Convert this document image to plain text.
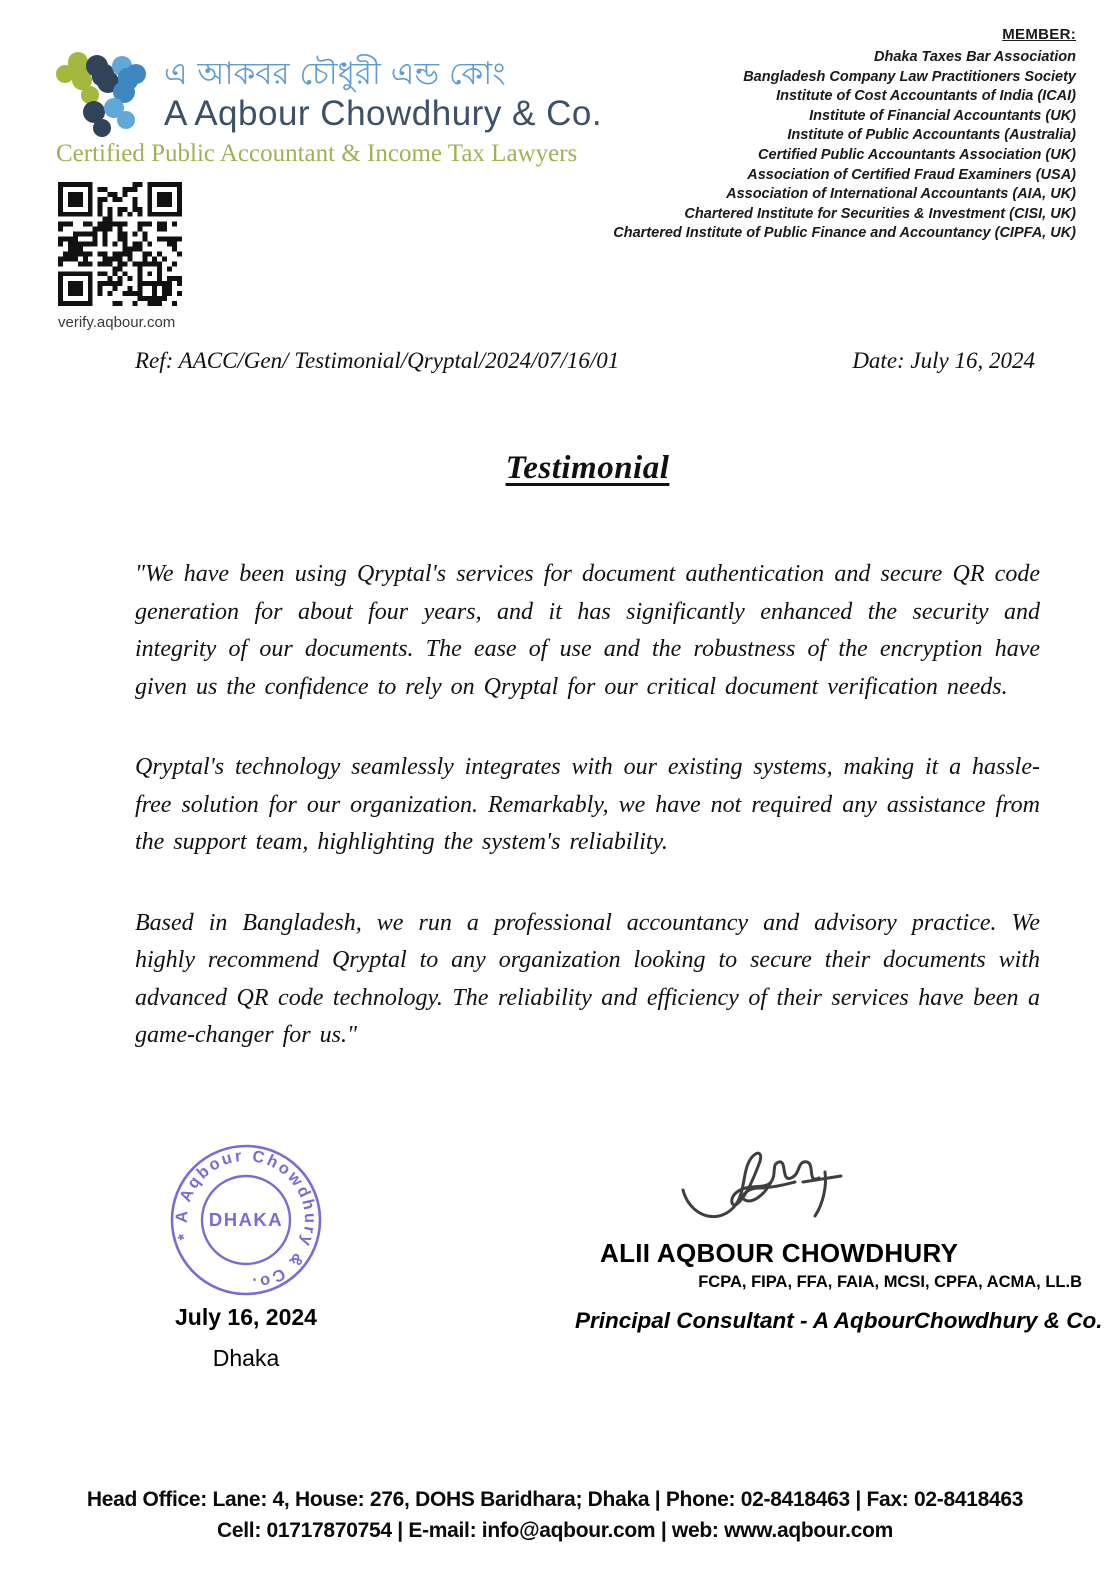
এ আকবর চৌধুরী এন্ড কোং
A Aqbour Chowdhury & Co.
Certified Public Accountant & Income Tax Lawyers
MEMBER:
Dhaka Taxes Bar Association
Bangladesh Company Law Practitioners Society
Institute of Cost Accountants of India (ICAI)
Institute of Financial Accountants (UK)
Institute of Public Accountants (Australia)
Certified Public Accountants Association (UK)
Association of Certified Fraud Examiners (USA)
Association of International Accountants (AIA, UK)
Chartered Institute for Securities & Investment (CISI, UK)
Chartered Institute of Public Finance and Accountancy (CIPFA, UK)
verify.aqbour.com
Ref: AACC/Gen/ Testimonial/Qryptal/2024/07/16/01	Date: July 16, 2024
Testimonial

"We have been using Qryptal's services for document authentication and secure QR code generation for about four years, and it has significantly enhanced the security and integrity of our documents. The ease of use and the robustness of the encryption have given us the confidence to rely on Qryptal for our critical document verification needs.

Qryptal's technology seamlessly integrates with our existing systems, making it a hassle-free solution for our organization. Remarkably, we have not required any assistance from the support team, highlighting the system's reliability.

Based in Bangladesh, we run a professional accountancy and advisory practice. We highly recommend Qryptal to any organization looking to secure their documents with advanced QR code technology. The reliability and efficiency of their services have been a game-changer for us."

* A Aqbour Chowdhury & Co.
DHAKA
July 16, 2024
Dhaka
ALII AQBOUR CHOWDHURY
FCPA, FIPA, FFA, FAIA, MCSI, CPFA, ACMA, LL.B
Principal Consultant - A AqbourChowdhury & Co.
Head Office: Lane: 4, House: 276, DOHS Baridhara; Dhaka | Phone: 02-8418463 | Fax: 02-8418463
Cell: 01717870754 | E-mail: info@aqbour.com | web: www.aqbour.com
